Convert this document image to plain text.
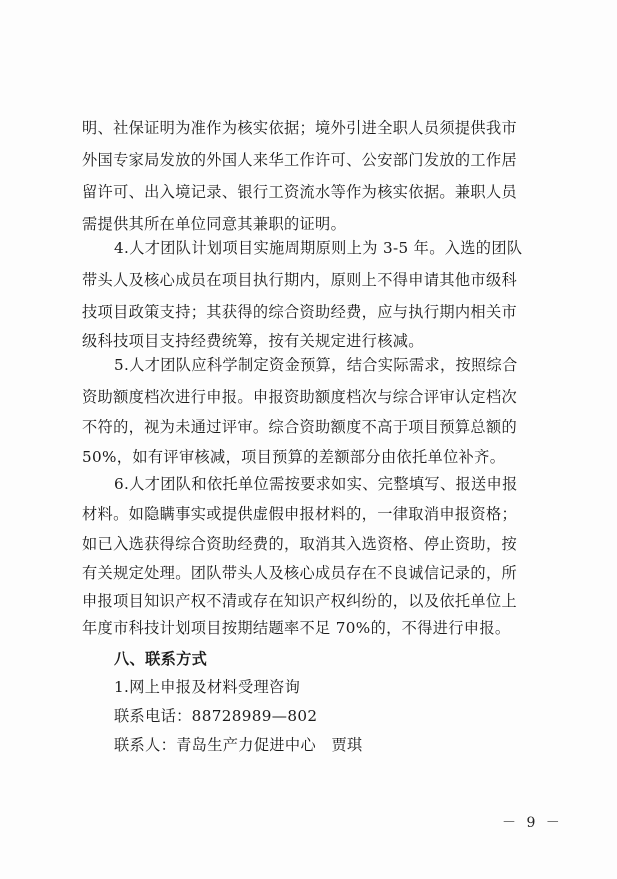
明、社保证明为准作为核实依据；境外引进全职人员须提供我市
外国专家局发放的外国人来华工作许可、公安部门发放的工作居
留许可、出入境记录、银行工资流水等作为核实依据。兼职人员
需提供其所在单位同意其兼职的证明。
4.人才团队计划项目实施周期原则上为 3-5 年。入选的团队
带头人及核心成员在项目执行期内，原则上不得申请其他市级科
技项目政策支持；其获得的综合资助经费，应与执行期内相关市
级科技项目支持经费统筹，按有关规定进行核减。
5.人才团队应科学制定资金预算，结合实际需求，按照综合
资助额度档次进行申报。申报资助额度档次与综合评审认定档次
不符的，视为未通过评审。综合资助额度不高于项目预算总额的
50%，如有评审核减，项目预算的差额部分由依托单位补齐。
6.人才团队和依托单位需按要求如实、完整填写、报送申报
材料。如隐瞒事实或提供虚假申报材料的，一律取消申报资格；
如已入选获得综合资助经费的，取消其入选资格、停止资助，按
有关规定处理。团队带头人及核心成员存在不良诚信记录的，所
申报项目知识产权不清或存在知识产权纠纷的，以及依托单位上
年度市科技计划项目按期结题率不足 70%的，不得进行申报。
八、联系方式
1.网上申报及材料受理咨询
联系电话：88728989—802
联系人：青岛生产力促进中心　贾琪
－ 9 －
